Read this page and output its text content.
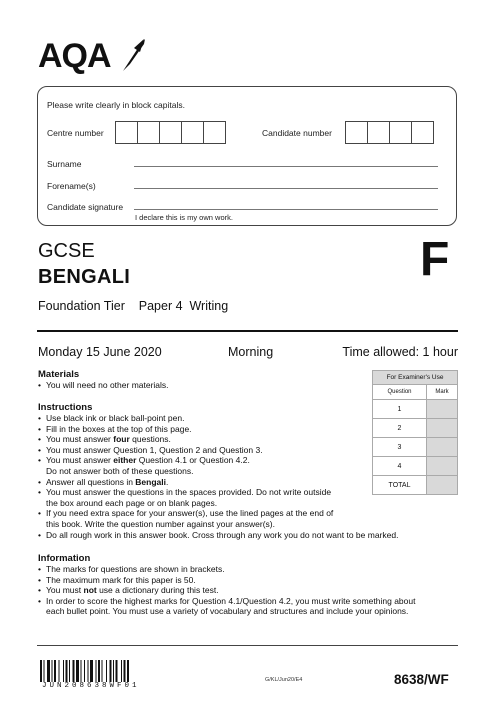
AQA
Please write clearly in block capitals.
Centre number	Candidate number
Surname
Forename(s)
Candidate signature
I declare this is my own work.
GCSE
BENGALI
Foundation Tier    Paper 4  Writing
F
Monday 15 June 2020	Morning	Time allowed: 1 hour
Materials
• You will need no other materials.
Instructions
• Use black ink or black ball-point pen.
• Fill in the boxes at the top of this page.
• You must answer four questions.
• You must answer Question 1, Question 2 and Question 3.
• You must answer either Question 4.1 or Question 4.2.
Do not answer both of these questions.
• Answer all questions in Bengali.
• You must answer the questions in the spaces provided. Do not write outside
the box around each page or on blank pages.
• If you need extra space for your answer(s), use the lined pages at the end of
this book. Write the question number against your answer(s).
• Do all rough work in this answer book. Cross through any work you do not want to be marked.
Information
• The marks for questions are shown in brackets.
• The maximum mark for this paper is 50.
• You must not use a dictionary during this test.
• In order to score the highest marks for Question 4.1/Question 4.2, you must write something about
each bullet point. You must use a variety of vocabulary and structures and include your opinions.
For Examiner's Use	
Question	Mark
1	
2	
3	
4	
TOTAL	
JUN208638WF01
G/KL/Jun20/E4	8638/WF
